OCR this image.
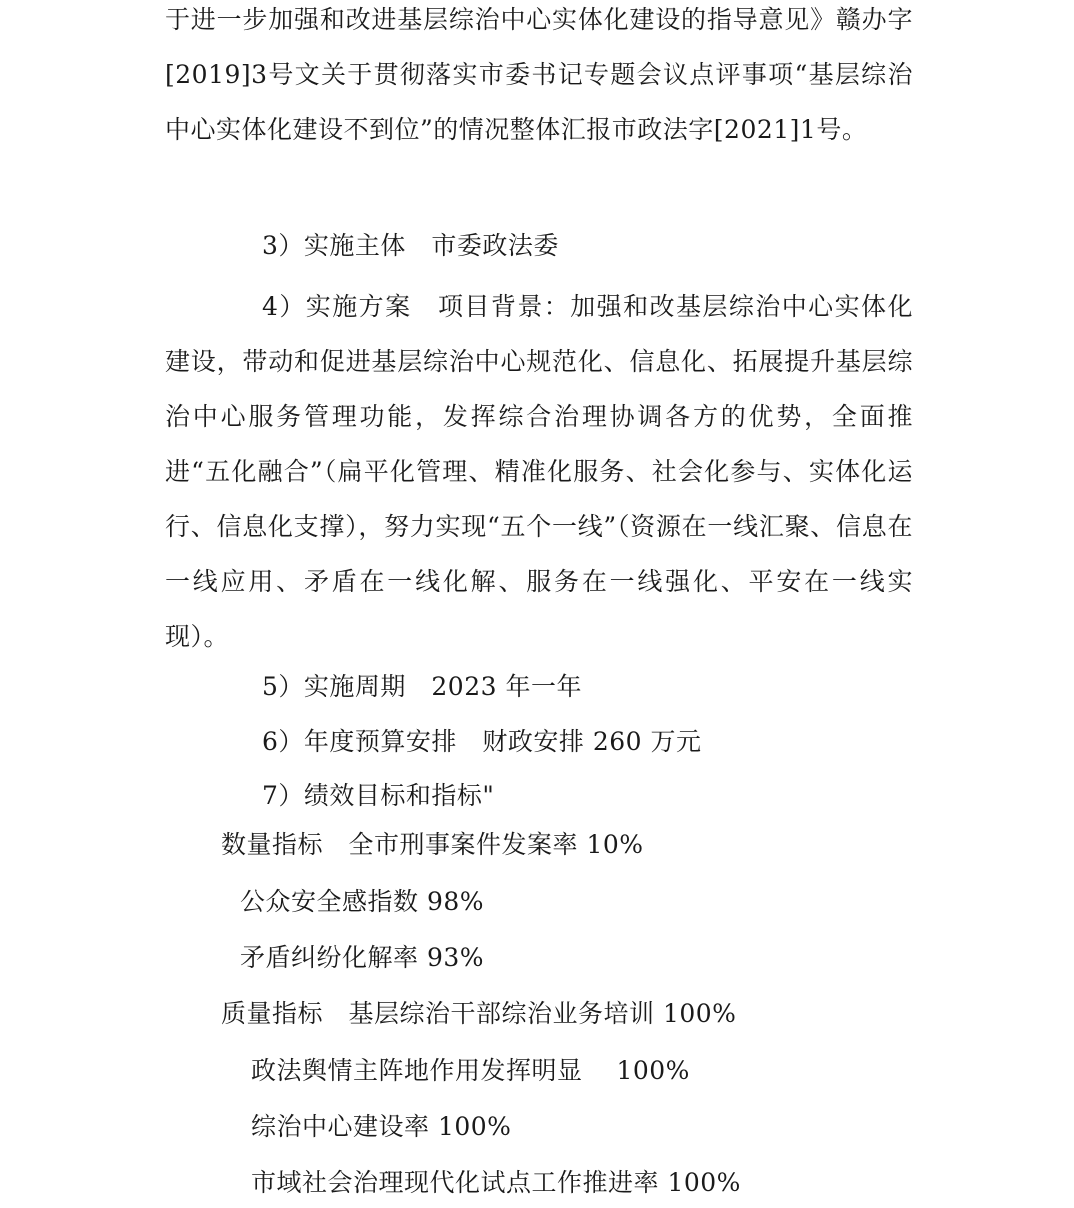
于进一步加强和改进基层综治中心实体化建设的指导意见》赣办字[2019]3号文关于贯彻落实市委书记专题会议点评事项“基层综治中心实体化建设不到位”的情况整体汇报市政法字[2021]1号。

3）实施主体　市委政法委

4）实施方案　项目背景：加强和改基层综治中心实体化建设，带动和促进基层综治中心规范化、信息化、拓展提升基层综治中心服务管理功能，发挥综合治理协调各方的优势，全面推进“五化融合”（扁平化管理、精准化服务、社会化参与、实体化运行、信息化支撑），努力实现“五个一线”（资源在一线汇聚、信息在一线应用、矛盾在一线化解、服务在一线强化、平安在一线实现）。

5）实施周期　2023 年一年

6）年度预算安排　财政安排 260 万元

7）绩效目标和指标"

数量指标　全市刑事案件发案率 10%

公众安全感指数 98%

矛盾纠纷化解率 93%

质量指标　基层综治干部综治业务培训 100%

政法舆情主阵地作用发挥明显　 100%

综治中心建设率 100%

市域社会治理现代化试点工作推进率 100%
